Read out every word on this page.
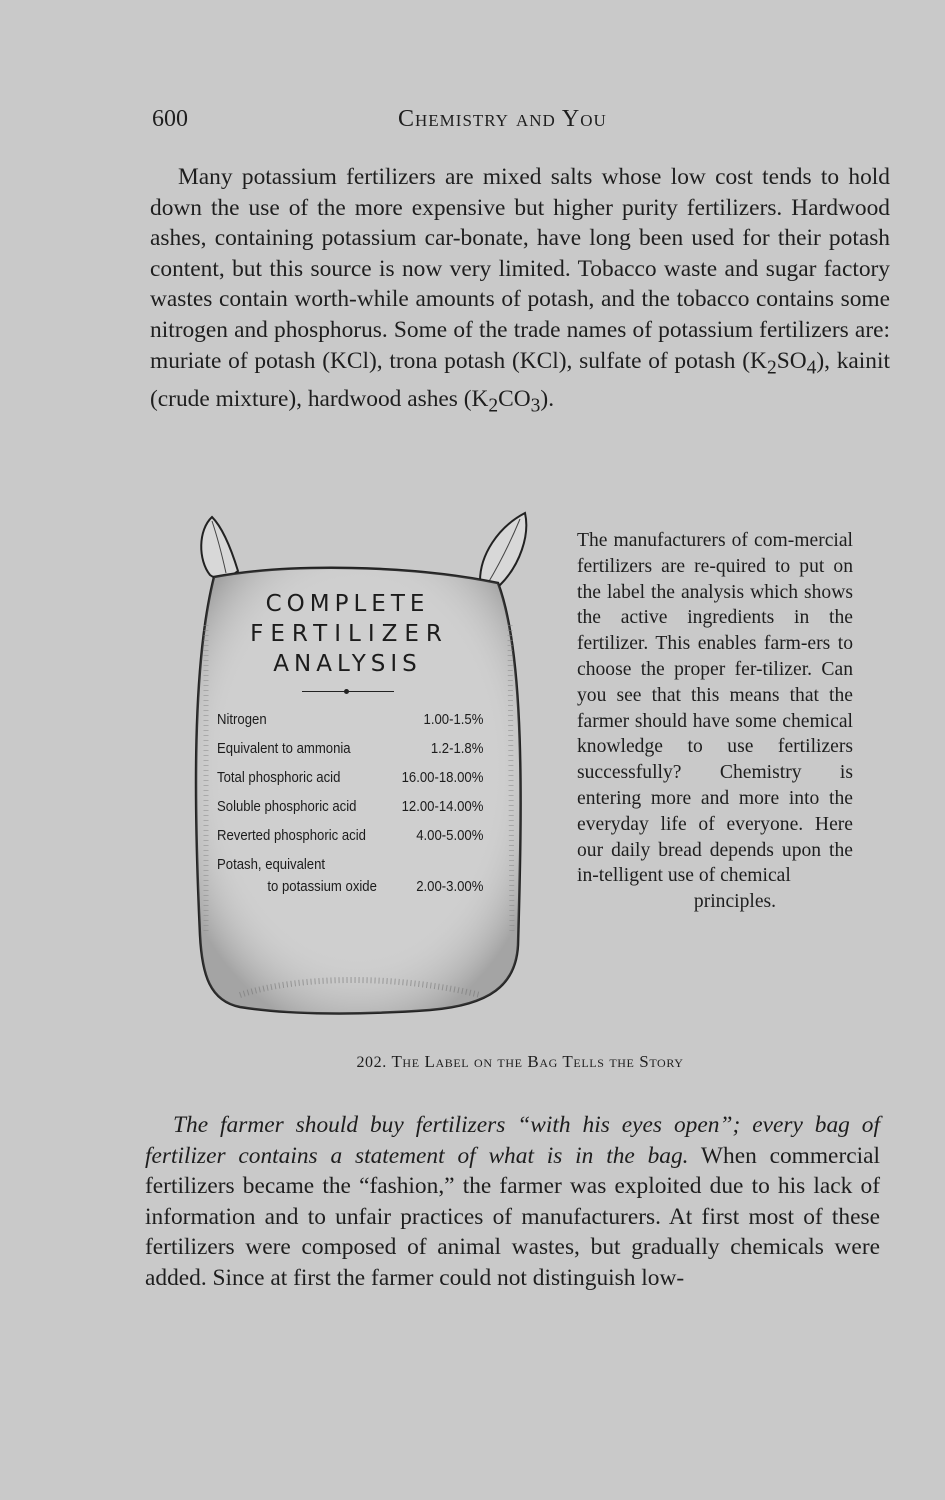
600	Chemistry and You

Many potassium fertilizers are mixed salts whose low cost tends to hold down the use of the more expensive but higher purity fertilizers. Hardwood ashes, containing potassium car-bonate, have long been used for their potash content, but this source is now very limited. Tobacco waste and sugar factory wastes contain worth-while amounts of potash, and the tobacco contains some nitrogen and phosphorus. Some of the trade names of potassium fertilizers are: muriate of potash (KCl), trona potash (KCl), sulfate of potash $(K_2SO_4)$, kainit (crude mixture), hardwood ashes $(K_2CO_3)$.

COMPLETE
FERTILIZER
ANALYSIS
Nitrogen	1.00-1.5%
Equivalent to ammonia	1.2-1.8%
Total phosphoric acid	16.00-18.00%
Soluble phosphoric acid	12.00-14.00%
Reverted phosphoric acid	4.00-5.00%
Potash, equivalent
to potassium oxide	2.00-3.00%
The manufacturers of com-mercial fertilizers are re-quired to put on the label the analysis which shows the active ingredients in the fertilizer. This enables farm-ers to choose the proper fer-tilizer. Can you see that this means that the farmer should have some chemical knowledge to use fertilizers successfully? Chemistry is entering more and more into the everyday life of everyone. Here our daily bread depends upon the in-telligent use of chemical
principles.
202. The Label on the Bag Tells the Story

The farmer should buy fertilizers “with his eyes open”; every bag of fertilizer contains a statement of what is in the bag. When commercial fertilizers became the “fashion,” the farmer was exploited due to his lack of information and to unfair practices of manufacturers. At first most of these fertilizers were composed of animal wastes, but gradually chemicals were added. Since at first the farmer could not distinguish low-
